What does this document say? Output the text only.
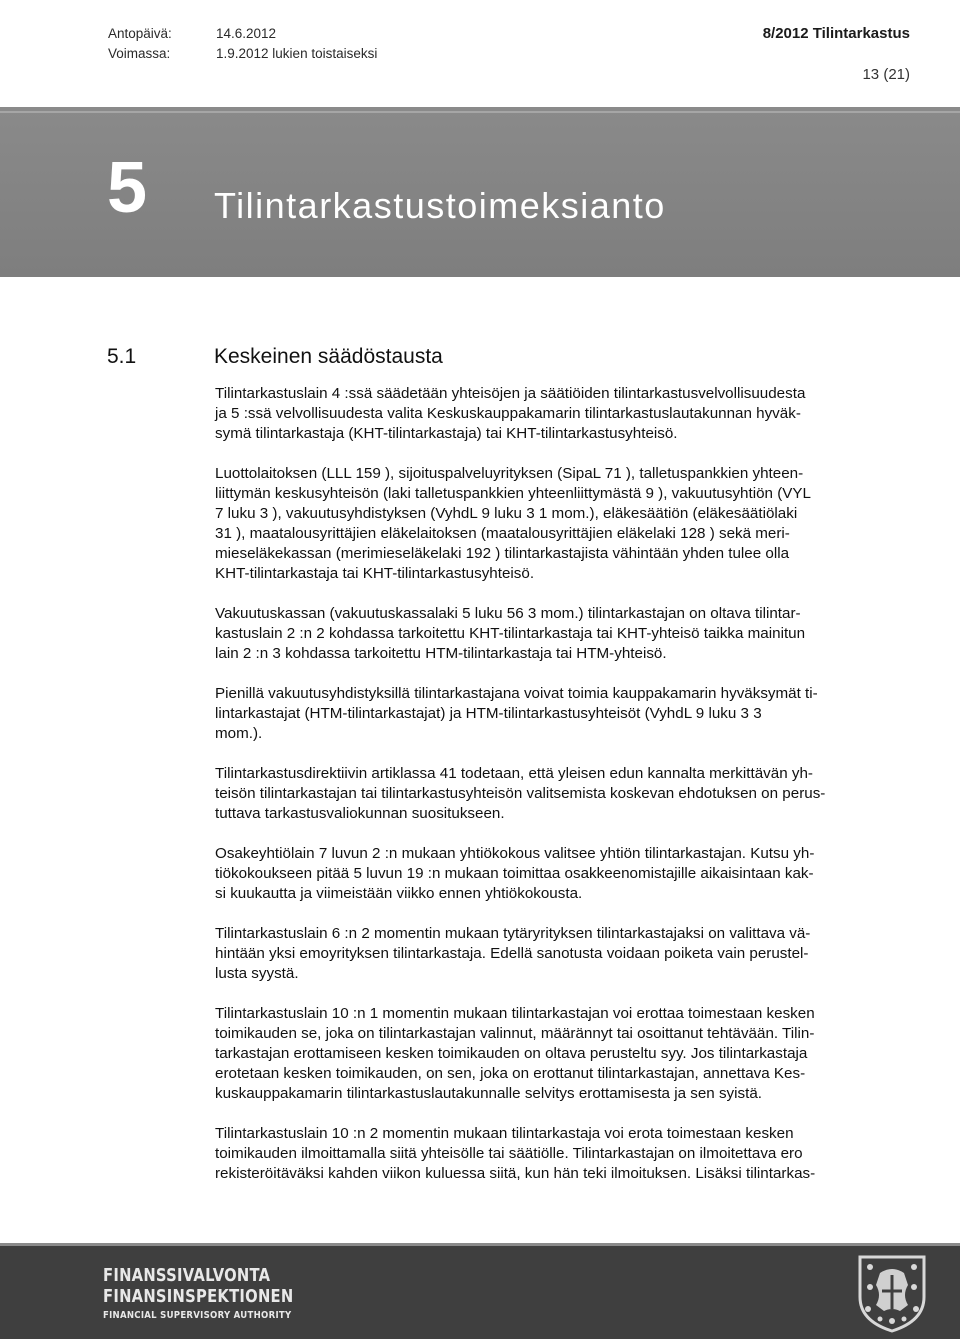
Antopäivä:	14.6.2012
Voimassa:	1.9.2012 lukien toistaiseksi
8/2012 Tilintarkastus
13 (21)
5 Tilintarkastustoimeksianto
5.1	Keskeinen säädöstausta

Tilintarkastuslain 4 :ssä säädetään yhteisöjen ja säätiöiden tilintarkastusvelvollisuudesta
ja 5 :ssä velvollisuudesta valita Keskuskauppakamarin tilintarkastuslautakunnan hyväk-
symä tilintarkastaja (KHT-tilintarkastaja) tai KHT-tilintarkastusyhteisö.

Luottolaitoksen (LLL 159 ), sijoituspalveluyrityksen (SipaL 71 ), talletuspankkien yhteen-
liittymän keskusyhteisön (laki talletuspankkien yhteenliittymästä 9 ), vakuutusyhtiön (VYL
7 luku 3 ), vakuutusyhdistyksen (VyhdL 9 luku 3 1 mom.), eläkesäätiön (eläkesäätiölaki
31 ), maatalousyrittäjien eläkelaitoksen (maatalousyrittäjien eläkelaki 128 ) sekä meri-
mieseläkekassan (merimieseläkelaki 192 ) tilintarkastajista vähintään yhden tulee olla
KHT-tilintarkastaja tai KHT-tilintarkastusyhteisö.

Vakuutuskassan (vakuutuskassalaki 5 luku 56 3 mom.) tilintarkastajan on oltava tilintar-
kastuslain 2 :n 2 kohdassa tarkoitettu KHT-tilintarkastaja tai KHT-yhteisö taikka mainitun
lain 2 :n 3 kohdassa tarkoitettu HTM-tilintarkastaja tai HTM-yhteisö.

Pienillä vakuutusyhdistyksillä tilintarkastajana voivat toimia kauppakamarin hyväksymät ti-
lintarkastajat (HTM-tilintarkastajat) ja HTM-tilintarkastusyhteisöt (VyhdL 9 luku 3 3
mom.).

Tilintarkastusdirektiivin artiklassa 41 todetaan, että yleisen edun kannalta merkittävän yh-
teisön tilintarkastajan tai tilintarkastusyhteisön valitsemista koskevan ehdotuksen on perus-
tuttava tarkastusvaliokunnan suositukseen.

Osakeyhtiölain 7 luvun 2 :n mukaan yhtiökokous valitsee yhtiön tilintarkastajan. Kutsu yh-
tiökokoukseen pitää 5 luvun 19 :n mukaan toimittaa osakkeenomistajille aikaisintaan kak-
si kuukautta ja viimeistään viikko ennen yhtiökokousta.

Tilintarkastuslain 6 :n 2 momentin mukaan tytäryrityksen tilintarkastajaksi on valittava vä-
hintään yksi emoyrityksen tilintarkastaja. Edellä sanotusta voidaan poiketa vain perustel-
lusta syystä.

Tilintarkastuslain 10 :n 1 momentin mukaan tilintarkastajan voi erottaa toimestaan kesken
toimikauden se, joka on tilintarkastajan valinnut, määrännyt tai osoittanut tehtävään. Tilin-
tarkastajan erottamiseen kesken toimikauden on oltava perusteltu syy. Jos tilintarkastaja
erotetaan kesken toimikauden, on sen, joka on erottanut tilintarkastajan, annettava Kes-
kuskauppakamarin tilintarkastuslautakunnalle selvitys erottamisesta ja sen syistä.

Tilintarkastuslain 10 :n 2 momentin mukaan tilintarkastaja voi erota toimestaan kesken
toimikauden ilmoittamalla siitä yhteisölle tai säätiölle. Tilintarkastajan on ilmoitettava ero
rekisteröitäväksi kahden viikon kuluessa siitä, kun hän teki ilmoituksen. Lisäksi tilintarkas-

FINANSSIVALVONTA
FINANSINSPEKTIONEN
FINANCIAL SUPERVISORY AUTHORITY
